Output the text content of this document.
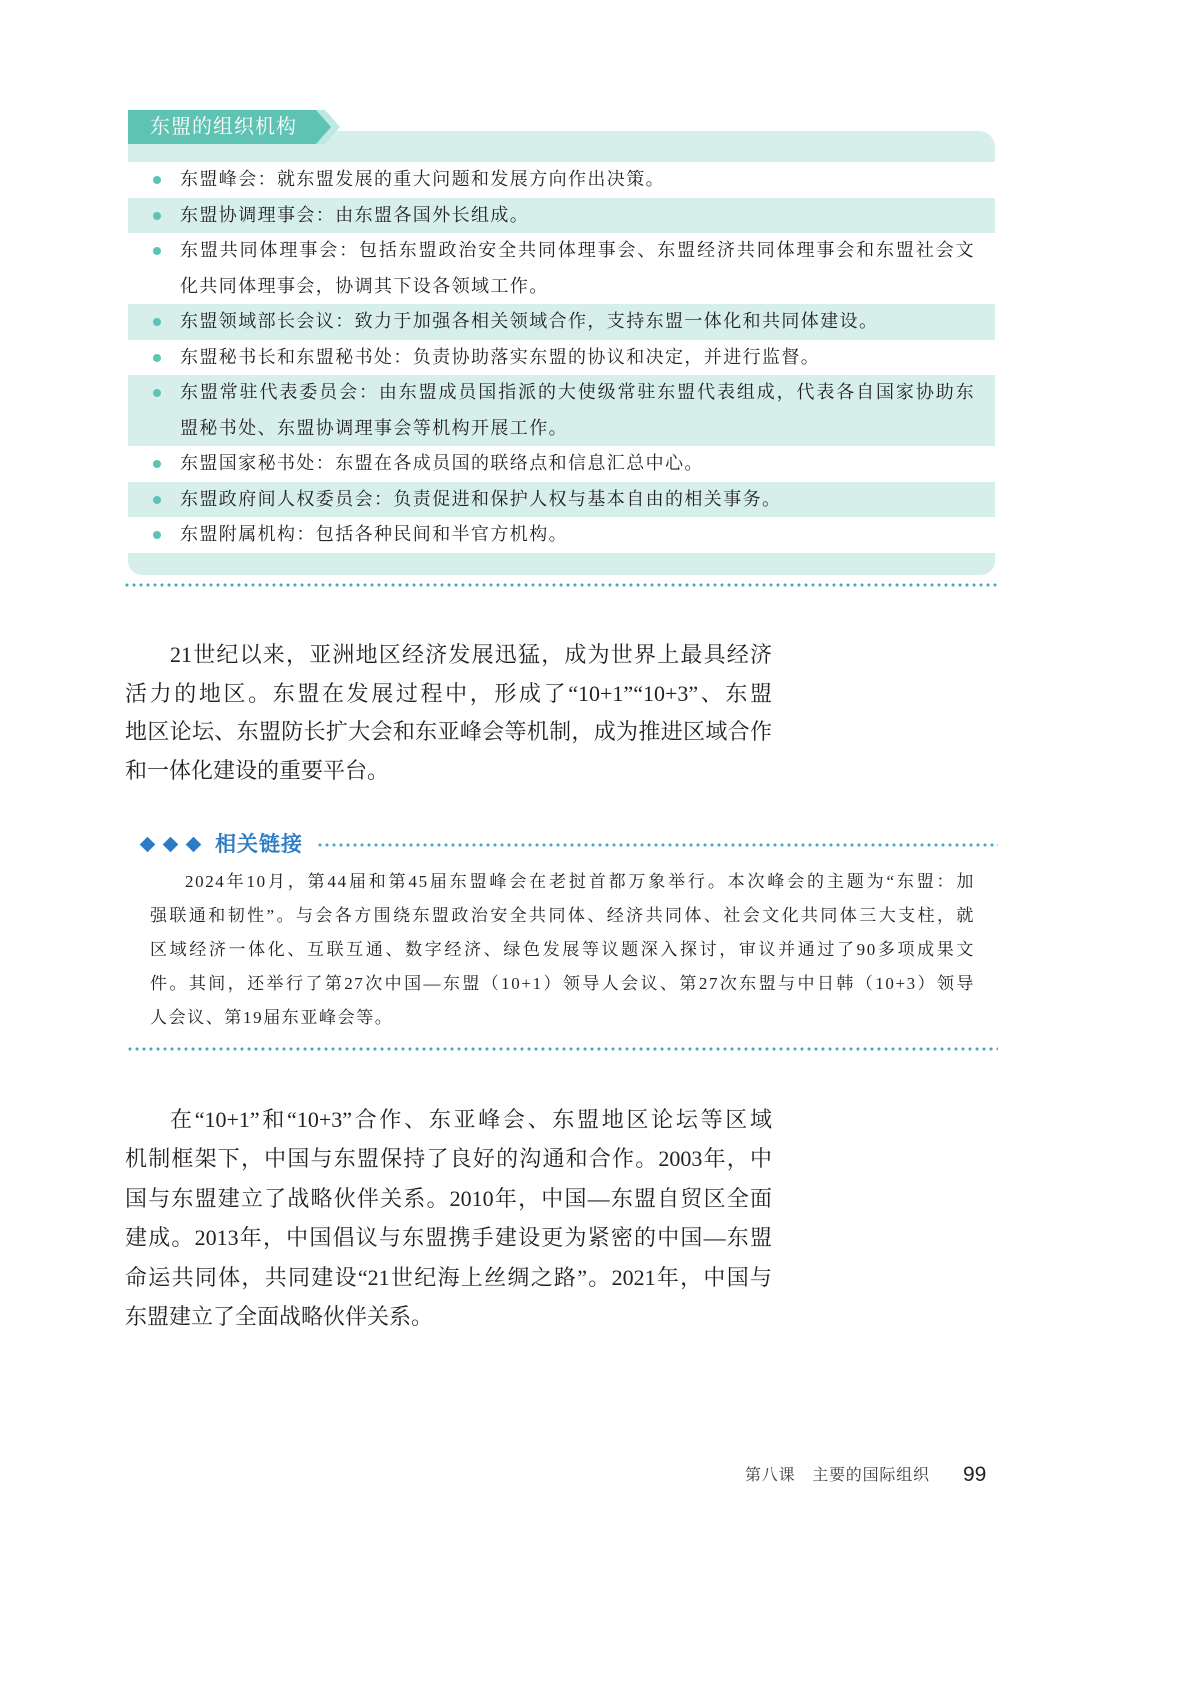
东盟峰会：就东盟发展的重大问题和发展方向作出决策。
东盟协调理事会：由东盟各国外长组成。
东盟共同体理事会：包括东盟政治安全共同体理事会、东盟经济共同体理事会和东盟社会文
化共同体理事会，协调其下设各领域工作。
东盟领域部长会议：致力于加强各相关领域合作，支持东盟一体化和共同体建设。
东盟秘书长和东盟秘书处：负责协助落实东盟的协议和决定，并进行监督。
东盟常驻代表委员会：由东盟成员国指派的大使级常驻东盟代表组成，代表各自国家协助东
盟秘书处、东盟协调理事会等机构开展工作。
东盟国家秘书处：东盟在各成员国的联络点和信息汇总中心。
东盟政府间人权委员会：负责促进和保护人权与基本自由的相关事务。
东盟附属机构：包括各种民间和半官方机构。
东盟的组织机构
21世纪以来，亚洲地区经济发展迅猛，成为世界上最具经济
活力的地区。东盟在发展过程中，形成了“10+1”“10+3”、东盟
地区论坛、东盟防长扩大会和东亚峰会等机制，成为推进区域合作
和一体化建设的重要平台。
相关链接
2024年10月，第44届和第45届东盟峰会在老挝首都万象举行。本次峰会的主题为“东盟：加
强联通和韧性”。与会各方围绕东盟政治安全共同体、经济共同体、社会文化共同体三大支柱，就
区域经济一体化、互联互通、数字经济、绿色发展等议题深入探讨，审议并通过了90多项成果文
件。其间，还举行了第27次中国—东盟（10+1）领导人会议、第27次东盟与中日韩（10+3）领导
人会议、第19届东亚峰会等。
在“10+1”和“10+3”合作、东亚峰会、东盟地区论坛等区域
机制框架下，中国与东盟保持了良好的沟通和合作。2003年，中
国与东盟建立了战略伙伴关系。2010年，中国—东盟自贸区全面
建成。2013年，中国倡议与东盟携手建设更为紧密的中国—东盟
命运共同体，共同建设“21世纪海上丝绸之路”。2021年，中国与
东盟建立了全面战略伙伴关系。
第八课　主要的国际组织 99
